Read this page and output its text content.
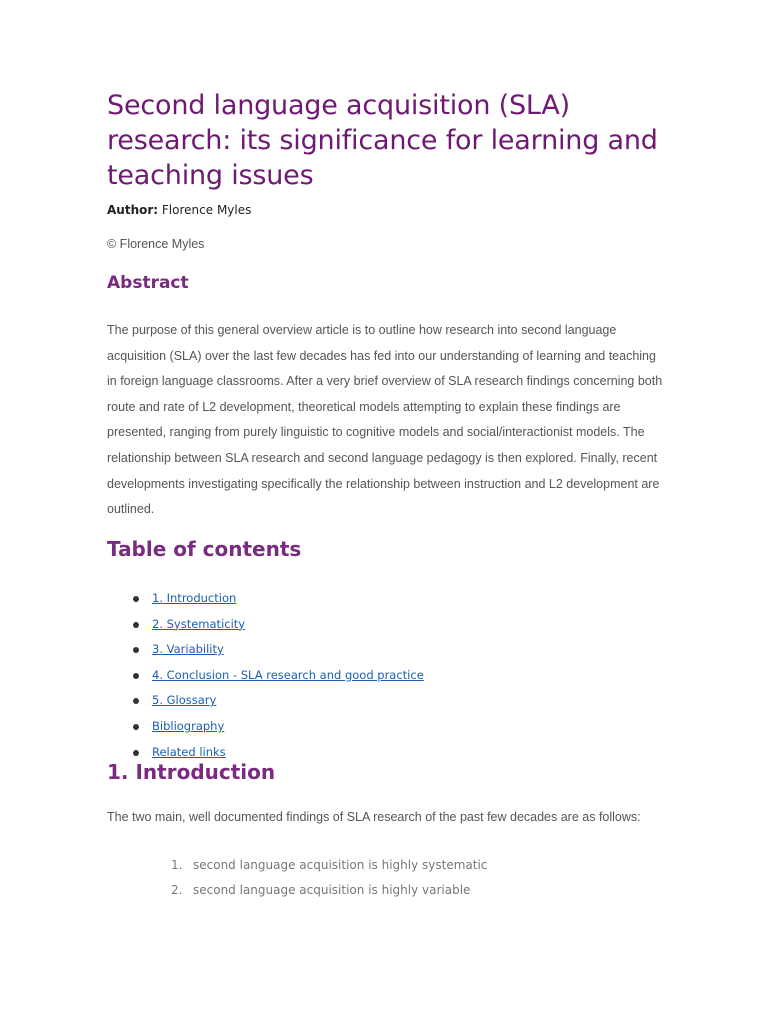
Second language acquisition (SLA) research: its significance for learning and teaching issues
Author: Florence Myles
© Florence Myles
Abstract

The purpose of this general overview article is to outline how research into second language acquisition (SLA) over the last few decades has fed into our understanding of learning and teaching in foreign language classrooms. After a very brief overview of SLA research findings concerning both route and rate of L2 development, theoretical models attempting to explain these findings are presented, ranging from purely linguistic to cognitive models and social/interactionist models. The relationship between SLA research and second language pedagogy is then explored. Finally, recent developments investigating specifically the relationship between instruction and L2 development are outlined.

Table of contents
1. Introduction
2. Systematicity
3. Variability
4. Conclusion - SLA research and good practice
5. Glossary
Bibliography
Related links
1. Introduction

The two main, well documented findings of SLA research of the past few decades are as follows:

1. second language acquisition is highly systematic
2. second language acquisition is highly variable
